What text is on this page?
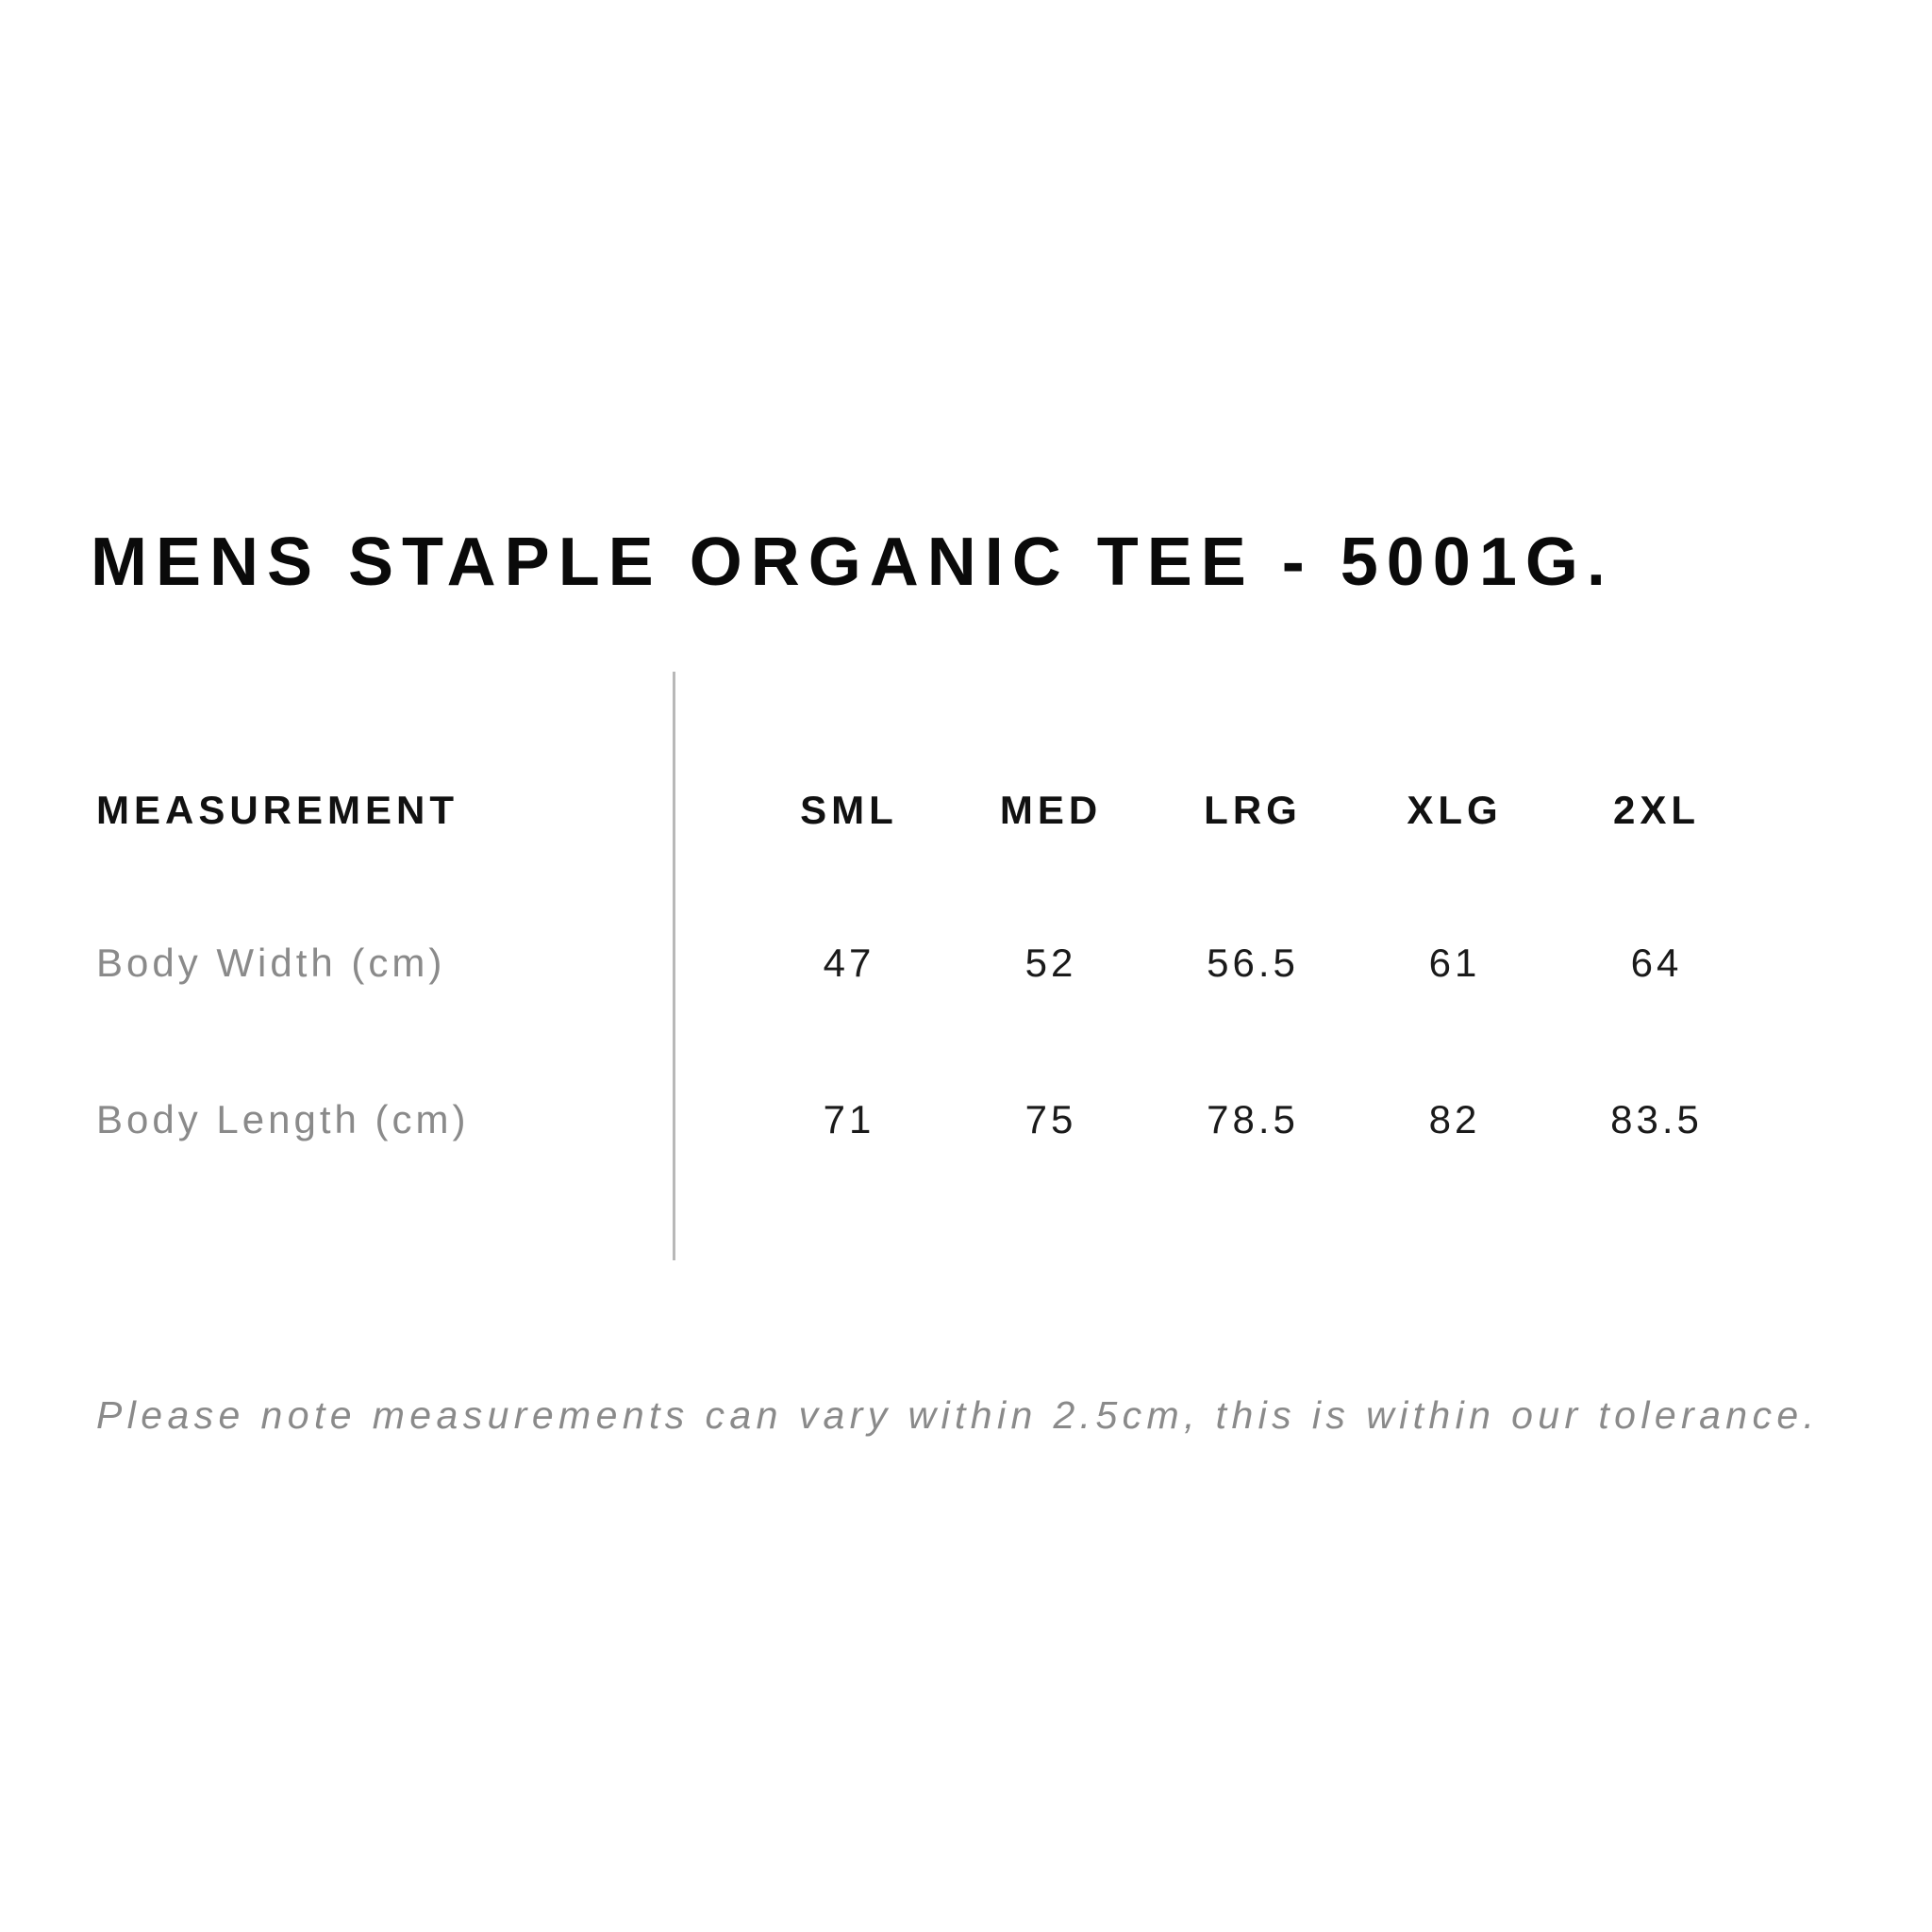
MENS STAPLE ORGANIC TEE - 5001G.
MEASUREMENT	SML	MED	LRG	XLG	2XL
Body Width (cm)	47	52	56.5	61	64
Body Length (cm)	71	75	78.5	82	83.5
Please note measurements can vary within 2.5cm, this is within our tolerance.
